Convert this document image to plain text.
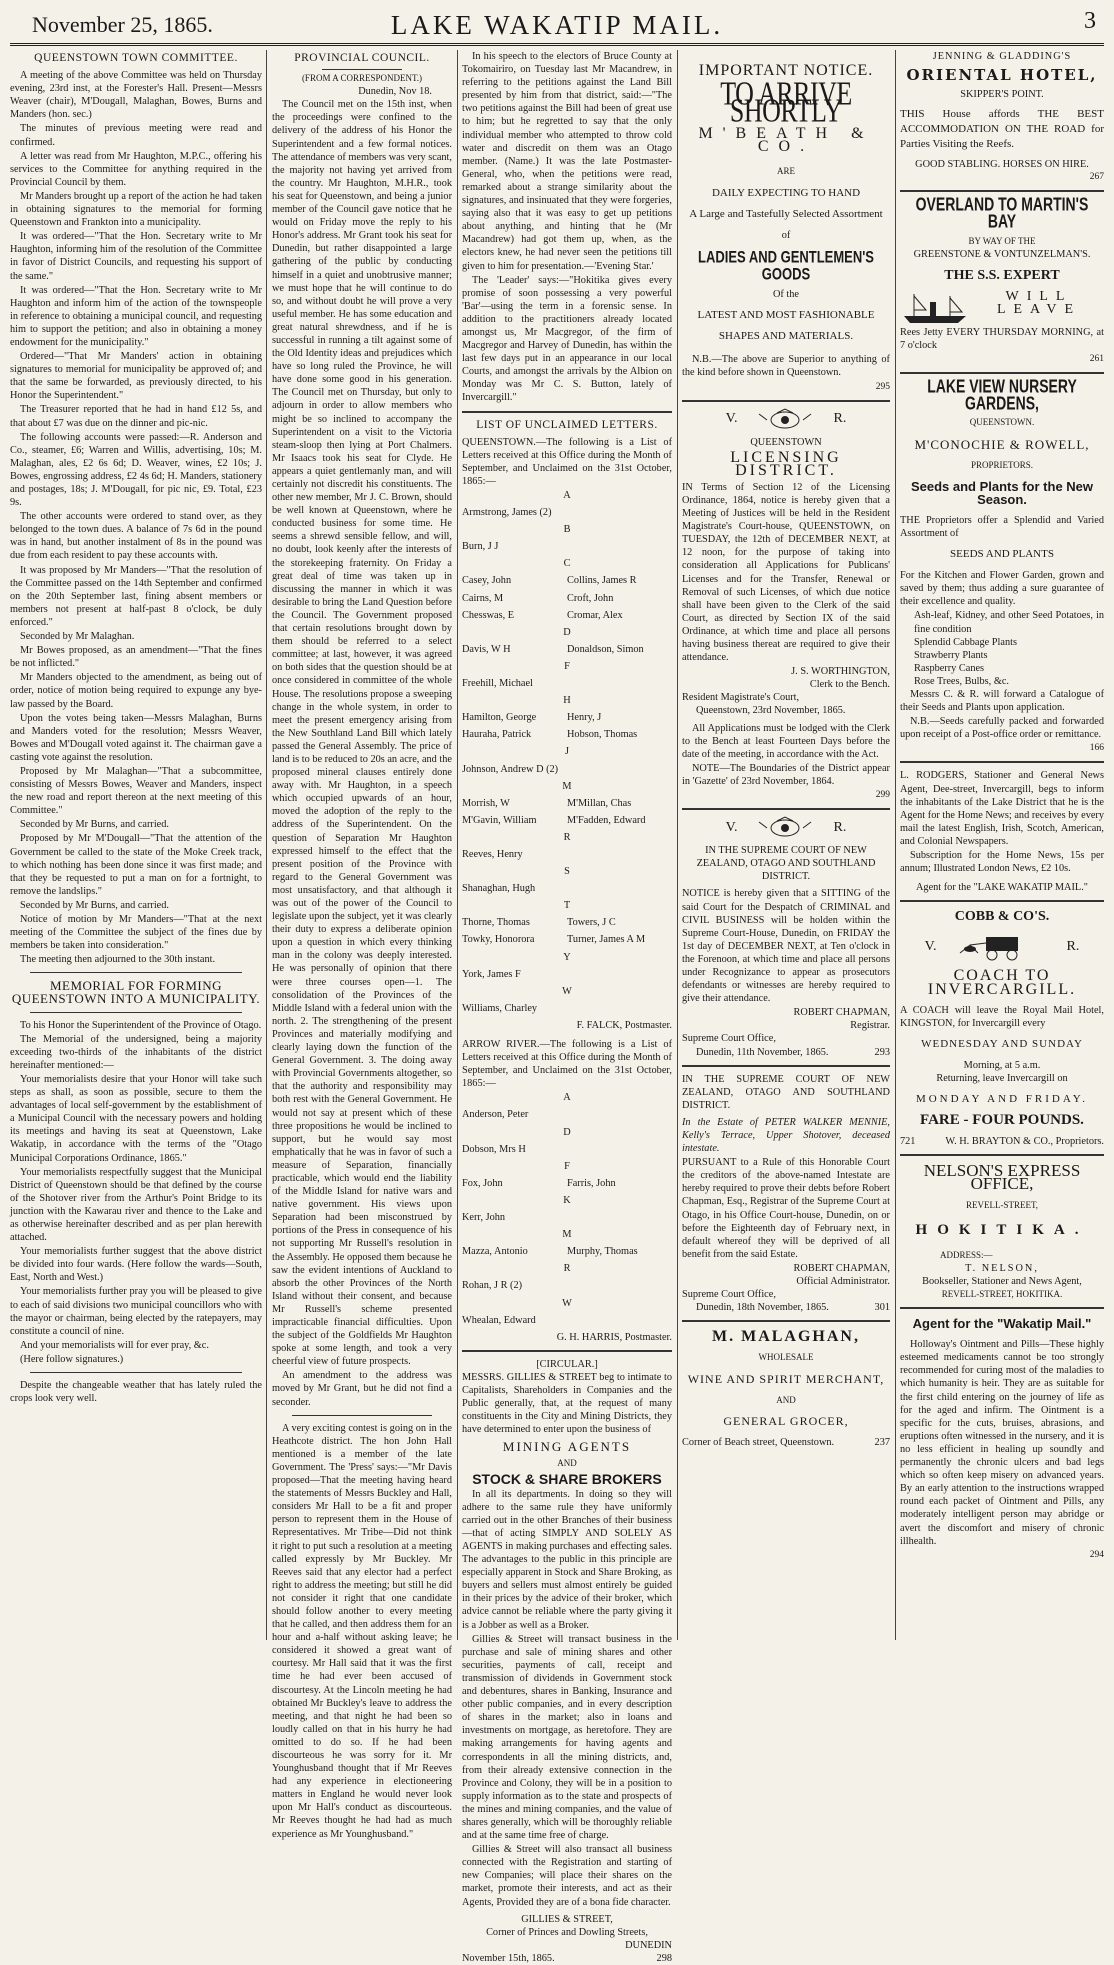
November 25, 1865.	LAKE WAKATIP MAIL.	3
QUEENSTOWN TOWN COMMITTEE.

A meeting of the above Committee was held on Thursday evening, 23rd inst, at the Forester's Hall. Present—Messrs Weaver (chair), M'Dougall, Malaghan, Bowes, Burns and Manders (hon. sec.)

The minutes of previous meeting were read and confirmed.

A letter was read from Mr Haughton, M.P.C., offering his services to the Committee for anything required in the Provincial Council by them.

Mr Manders brought up a report of the action he had taken in obtaining signatures to the memorial for forming Queenstown and Frankton into a municipality.

It was ordered—"That the Hon. Secretary write to Mr Haughton, informing him of the resolution of the Committee in favor of District Councils, and requesting his support of the same."

It was ordered—"That the Hon. Secretary write to Mr Haughton and inform him of the action of the townspeople in reference to obtaining a municipal council, and requesting him to support the petition; and also in obtaining a money endowment for the municipality."

Ordered—"That Mr Manders' action in obtaining signatures to memorial for municipality be approved of; and that the same be forwarded, as previously directed, to his Honor the Superintendent."

The Treasurer reported that he had in hand £12 5s, and that about £7 was due on the dinner and pic-nic.

The following accounts were passed:—R. Anderson and Co., steamer, £6; Warren and Willis, advertising, 10s; M. Malaghan, ales, £2 6s 6d; D. Weaver, wines, £2 10s; J. Bowes, engrossing address, £2 4s 6d; H. Manders, stationery and postages, 18s; J. M'Dougall, for pic nic, £9. Total, £23 9s.

The other accounts were ordered to stand over, as they belonged to the town dues. A balance of 7s 6d in the pound was in hand, but another instalment of 8s in the pound was due from each resident to pay these accounts with.

It was proposed by Mr Manders—"That the resolution of the Committee passed on the 14th September and confirmed on the 20th September last, fining absent members or members not present at half-past 8 o'clock, be duly enforced."

Seconded by Mr Malaghan.

Mr Bowes proposed, as an amendment—"That the fines be not inflicted."

Mr Manders objected to the amendment, as being out of order, notice of motion being required to expunge any bye-law passed by the Board.

Upon the votes being taken—Messrs Malaghan, Burns and Manders voted for the resolution; Messrs Weaver, Bowes and M'Dougall voted against it. The chairman gave a casting vote against the resolution.

Proposed by Mr Malaghan—"That a subcommittee, consisting of Messrs Bowes, Weaver and Manders, inspect the new road and report thereon at the next meeting of this Committee."

Seconded by Mr Burns, and carried.

Proposed by Mr M'Dougall—"That the attention of the Government be called to the state of the Moke Creek track, to which nothing has been done since it was first made; and that they be requested to put a man on for a fortnight, to remove the landslips."

Seconded by Mr Burns, and carried.

Notice of motion by Mr Manders—"That at the next meeting of the Committee the subject of the fines due by members be taken into consideration."

The meeting then adjourned to the 30th instant.

MEMORIAL FOR FORMING QUEENSTOWN INTO A MUNICIPALITY.

To his Honor the Superintendent of the Province of Otago.

The Memorial of the undersigned, being a majority exceeding two-thirds of the inhabitants of the district hereinafter mentioned:—

Your memorialists desire that your Honor will take such steps as shall, as soon as possible, secure to them the advantages of local self-government by the establishment of a Municipal Council with the necessary powers and holding its meetings and having its seat at Queenstown, Lake Wakatip, in accordance with the terms of the "Otago Municipal Corporations Ordinance, 1865."

Your memorialists respectfully suggest that the Municipal District of Queenstown should be that defined by the course of the Shotover river from the Arthur's Point Bridge to its junction with the Kawarau river and thence to the Lake and as otherwise hereinafter described and as per plan herewith attached.

Your memorialists further suggest that the above district be divided into four wards. (Here follow the wards—South, East, North and West.)

Your memorialists further pray you will be pleased to give to each of said divisions two municipal councillors who with the mayor or chairman, being elected by the ratepayers, may constitute a council of nine.

And your memorialists will for ever pray, &c.

(Here follow signatures.)

Despite the changeable weather that has lately ruled the crops look very well.

PROVINCIAL COUNCIL.
(FROM A CORRESPONDENT.)
Dunedin, Nov 18.

The Council met on the 15th inst, when the proceedings were confined to the delivery of the address of his Honor the Superintendent and a few formal notices. The attendance of members was very scant, the majority not having yet arrived from the country. Mr Haughton, M.H.R., took his seat for Queenstown, and being a junior member of the Council gave notice that he would on Friday move the reply to his Honor's address. Mr Grant took his seat for Dunedin, but rather disappointed a large gathering of the public by conducting himself in a quiet and unobtrusive manner; we must hope that he will continue to do so, and without doubt he will prove a very useful member. He has some education and great natural shrewdness, and if he is successful in running a tilt against some of the Old Identity ideas and prejudices which have so long ruled the Province, he will have done some good in his generation. The Council met on Thursday, but only to adjourn in order to allow members who might be so inclined to accompany the Superintendent on a visit to the Victoria steam-sloop then lying at Port Chalmers. Mr Isaacs took his seat for Clyde. He appears a quiet gentlemanly man, and will certainly not discredit his constituents. The other new member, Mr J. C. Brown, should be well known at Queenstown, where he conducted business for some time. He seems a shrewd sensible fellow, and will, no doubt, look keenly after the interests of the storekeeping fraternity. On Friday a great deal of time was taken up in discussing the manner in which it was desirable to bring the Land Question before the Council. The Government proposed that certain resolutions brought down by them should be referred to a select committee; at last, however, it was agreed on both sides that the question should be at once considered in committee of the whole House. The resolutions propose a sweeping change in the whole system, in order to meet the present emergency arising from the New Southland Land Bill which lately passed the General Assembly. The price of land is to be reduced to 20s an acre, and the proposed mineral clauses entirely done away with. Mr Haughton, in a speech which occupied upwards of an hour, moved the adoption of the reply to the address of the Superintendent. On the question of Separation Mr Haughton expressed himself to the effect that the present position of the Province with regard to the General Government was most unsatisfactory, and that although it was out of the power of the Council to legislate upon the subject, yet it was clearly their duty to express a deliberate opinion upon a question in which every thinking man in the colony was deeply interested. He was personally of opinion that there were three courses open—1. The consolidation of the Provinces of the Middle Island with a federal union with the north. 2. The strengthening of the present Provinces and materially modifying and clearly laying down the function of the General Government. 3. The doing away with Provincial Governments altogether, so that the authority and responsibility may both rest with the General Government. He would not say at present which of these three propositions he would be inclined to support, but he would say most emphatically that he was in favor of such a measure of Separation, financially practicable, which would end the liability of the Middle Island for native wars and native government. His views upon Separation had been misconstrued by portions of the Press in consequence of his not supporting Mr Russell's resolution in the Assembly. He opposed them because he saw the evident intentions of Auckland to absorb the other Provinces of the North Island without their consent, and because Mr Russell's scheme presented impracticable financial difficulties. Upon the subject of the Goldfields Mr Haughton spoke at some length, and took a very cheerful view of future prospects.

An amendment to the address was moved by Mr Grant, but he did not find a seconder.

A very exciting contest is going on in the Heathcote district. The hon John Hall mentioned is a member of the late Government. The 'Press' says:—"Mr Davis proposed—That the meeting having heard the statements of Messrs Buckley and Hall, considers Mr Hall to be a fit and proper person to represent them in the House of Representatives. Mr Tribe—Did not think it right to put such a resolution at a meeting called expressly by Mr Buckley. Mr Reeves said that any elector had a perfect right to address the meeting; but still he did not consider it right that one candidate should follow another to every meeting that he called, and then address them for an hour and a-half without asking leave; he considered it showed a great want of courtesy. Mr Hall said that it was the first time he had ever been accused of discourtesy. At the Lincoln meeting he had obtained Mr Buckley's leave to address the meeting, and that night he had been so loudly called on that in his hurry he had omitted to do so. If he had been discourteous he was sorry for it. Mr Younghusband thought that if Mr Reeves had any experience in electioneering matters in England he would never look upon Mr Hall's conduct as discourteous. Mr Reeves thought he had had as much experience as Mr Younghusband."

In his speech to the electors of Bruce County at Tokomairiro, on Tuesday last Mr Macandrew, in referring to the petitions against the Land Bill presented by him from that district, said:—"The two petitions against the Bill had been of great use to him; but he regretted to say that the only individual member who attempted to throw cold water and discredit on them was an Otago member. (Name.) It was the late Postmaster-General, who, when the petitions were read, remarked about a strange similarity about the signatures, and insinuated that they were forgeries, saying also that it was easy to get up petitions about anything, and hinting that he (Mr Macandrew) had got them up, when, as the electors knew, he had never seen the petitions till given to him for presentation.—'Evening Star.'

The 'Leader' says:—"Hokitika gives every promise of soon possessing a very powerful 'Bar'—using the term in a forensic sense. In addition to the practitioners already located amongst us, Mr Macgregor, of the firm of Macgregor and Harvey of Dunedin, has within the last few days put in an appearance in our local Courts, and amongst the arrivals by the Albion on Monday was Mr C. S. Button, lately of Invercargill."

LIST OF UNCLAIMED LETTERS.

QUEENSTOWN.—The following is a List of Letters received at this Office during the Month of September, and Unclaimed on the 31st October, 1865:—

A
Armstrong, James (2)
B
Burn, J J
C
Casey, John	Collins, James R
Cairns, M	Croft, John
Chesswas, E	Cromar, Alex
D
Davis, W H	Donaldson, Simon
F
Freehill, Michael
H
Hamilton, George	Henry, J
Hauraha, Patrick	Hobson, Thomas
J
Johnson, Andrew D (2)
M
Morrish, W	M'Millan, Chas
M'Gavin, William	M'Fadden, Edward
R
Reeves, Henry
S
Shanaghan, Hugh
T
Thorne, Thomas	Towers, J C
Towky, Honorora	Turner, James A M
Y
York, James F
W
Williams, Charley
F. FALCK, Postmaster.

ARROW RIVER.—The following is a List of Letters received at this Office during the Month of September, and Unclaimed on the 31st October, 1865:—

A
Anderson, Peter
D
Dobson, Mrs H
F
Fox, John	Farris, John
K
Kerr, John
M
Mazza, Antonio	Murphy, Thomas
R
Rohan, J R (2)
W
Whealan, Edward
G. H. HARRIS, Postmaster.
[CIRCULAR.]

MESSRS. GILLIES & STREET beg to intimate to Capitalists, Shareholders in Companies and the Public generally, that, at the request of many constituents in the City and Mining Districts, they have determined to enter upon the business of

MINING AGENTS
AND
STOCK & SHARE BROKERS

In all its departments. In doing so they will adhere to the same rule they have uniformly carried out in the other Branches of their business—that of acting SIMPLY AND SOLELY AS AGENTS in making purchases and effecting sales. The advantages to the public in this principle are especially apparent in Stock and Share Broking, as buyers and sellers must almost entirely be guided in their prices by the advice of their broker, which advice cannot be reliable where the party giving it is a Jobber as well as a Broker.

Gillies & Street will transact business in the purchase and sale of mining shares and other securities, payments of call, receipt and transmission of dividends in Government stock and debentures, shares in Banking, Insurance and other public companies, and in every description of shares in the market; also in loans and investments on mortgage, as heretofore. They are making arrangements for having agents and correspondents in all the mining districts, and, from their already extensive connection in the Province and Colony, they will be in a position to supply information as to the state and prospects of the mines and mining companies, and the value of shares generally, which will be thoroughly reliable and at the same time free of charge.

Gillies & Street will also transact all business connected with the Registration and starting of new Companies; will place their shares on the market, promote their interests, and act as their Agents, Provided they are of a bona fide character.

GILLIES & STREET,
Corner of Princes and Dowling Streets,
DUNEDIN
November 15th, 1865.	298
IMPORTANT NOTICE.
TO ARRIVE SHORTLY
M'BEATH & CO.
ARE
DAILY EXPECTING TO HAND
A Large and Tastefully Selected Assortment
of
LADIES AND GENTLEMEN'S GOODS
Of the
LATEST AND MOST FASHIONABLE
SHAPES AND MATERIALS.

N.B.—The above are Superior to anything of the kind before shown in Queenstown.

295
V.	R.
QUEENSTOWN
LICENSING DISTRICT.

IN Terms of Section 12 of the Licensing Ordinance, 1864, notice is hereby given that a Meeting of Justices will be held in the Resident Magistrate's Court-house, QUEENSTOWN, on TUESDAY, the 12th of DECEMBER NEXT, at 12 noon, for the purpose of taking into consideration all Applications for Publicans' Licenses and for the Transfer, Renewal or Removal of such Licenses, of which due notice shall have been given to the Clerk of the said Court, as directed by Section IX of the said Ordinance, at which time and place all persons having business thereat are required to give their attendance.

J. S. WORTHINGTON,
Clerk to the Bench.
Resident Magistrate's Court,
Queenstown, 23rd November, 1865.

All Applications must be lodged with the Clerk to the Bench at least Fourteen Days before the date of the meeting, in accordance with the Act.

NOTE—The Boundaries of the District appear in 'Gazette' of 23rd November, 1864.

299
V.	R.

IN THE SUPREME COURT OF NEW ZEALAND, OTAGO AND SOUTHLAND DISTRICT.

NOTICE is hereby given that a SITTING of the said Court for the Despatch of CRIMINAL and CIVIL BUSINESS will be holden within the Supreme Court-House, Dunedin, on FRIDAY the 1st day of DECEMBER NEXT, at Ten o'clock in the Forenoon, at which time and place all persons under Recognizance to appear as prosecutors defendants or witnesses are hereby required to give their attendance.

ROBERT CHAPMAN,
Registrar.
Supreme Court Office,
Dunedin, 11th November, 1865.	293

IN THE SUPREME COURT OF NEW ZEALAND, OTAGO AND SOUTHLAND DISTRICT.

In the Estate of PETER WALKER MENNIE, Kelly's Terrace, Upper Shotover, deceased intestate.

PURSUANT to a Rule of this Honorable Court the creditors of the above-named Intestate are hereby required to prove their debts before Robert Chapman, Esq., Registrar of the Supreme Court at Otago, in his Office Court-house, Dunedin, on or before the Eighteenth day of February next, in default whereof they will be deprived of all benefit from the said Estate.

ROBERT CHAPMAN,
Official Administrator.
Supreme Court Office,
Dunedin, 18th November, 1865.	301
M. MALAGHAN,
WHOLESALE
WINE AND SPIRIT MERCHANT,
AND
GENERAL GROCER,
Corner of Beach street, Queenstown.	237
JENNING & GLADDING'S
ORIENTAL HOTEL,
SKIPPER'S POINT.

THIS House affords THE BEST ACCOMMODATION ON THE ROAD for Parties Visiting the Reefs.

GOOD STABLING. HORSES ON HIRE.
267
OVERLAND TO MARTIN'S BAY
BY WAY OF THE
GREENSTONE & VONTUNZELMAN'S.
THE S.S. EXPERT
WILL LEAVE

Rees Jetty EVERY THURSDAY MORNING, at 7 o'clock

261
LAKE VIEW NURSERY GARDENS,
QUEENSTOWN.
M'CONOCHIE & ROWELL,
PROPRIETORS.
Seeds and Plants for the New Season.

THE Proprietors offer a Splendid and Varied Assortment of

SEEDS AND PLANTS

For the Kitchen and Flower Garden, grown and saved by them; thus adding a sure guarantee of their excellence and quality.

Ash-leaf, Kidney, and other Seed Potatoes, in fine condition
Splendid Cabbage Plants
Strawberry Plants
Raspberry Canes
Rose Trees, Bulbs, &c.

Messrs C. & R. will forward a Catalogue of their Seeds and Plants upon application.

N.B.—Seeds carefully packed and forwarded upon receipt of a Post-office order or remittance.

166

L. RODGERS, Stationer and General News Agent, Dee-street, Invercargill, begs to inform the inhabitants of the Lake District that he is the Agent for the Home News; and receives by every mail the latest English, Irish, Scotch, American, and Colonial Newspapers.

Subscription for the Home News, 15s per annum; Illustrated London News, £2 10s.

Agent for the "LAKE WAKATIP MAIL."
COBB & CO'S.
V.	R.
COACH TO INVERCARGILL.

A COACH will leave the Royal Mail Hotel, KINGSTON, for Invercargill every

WEDNESDAY AND SUNDAY
Morning, at 5 a.m.
Returning, leave Invercargill on
MONDAY AND FRIDAY.
FARE - FOUR POUNDS.
721	W. H. BRAYTON & CO., Proprietors.
NELSON'S EXPRESS OFFICE,
REVELL-STREET,
HOKITIKA.
ADDRESS:—
T. NELSON,
Bookseller, Stationer and News Agent,
REVELL-STREET, HOKITIKA.
Agent for the "Wakatip Mail."

Holloway's Ointment and Pills—These highly esteemed medicaments cannot be too strongly recommended for curing most of the maladies to which humanity is heir. They are as suitable for the first child entering on the journey of life as for the aged and infirm. The Ointment is a specific for the cuts, bruises, abrasions, and eruptions often witnessed in the nursery, and it is no less efficient in healing up soundly and permanently the chronic ulcers and bad legs which so often keep misery on advanced years. By an early attention to the instructions wrapped round each packet of Ointment and Pills, any moderately intelligent person may abridge or avert the discomfort and misery of chronic illhealth.

294
